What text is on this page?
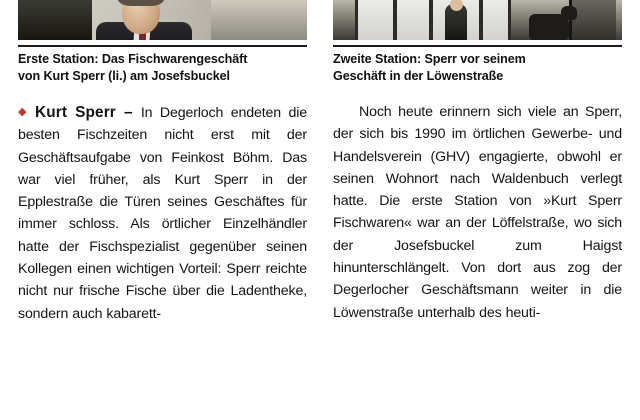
Erste Station: Das Fischwarengeschäft
von Kurt Sperr (li.) am Josefsbuckel

◆ Kurt Sperr – In Degerloch endeten die besten Fischzeiten nicht erst mit der Geschäftsaufgabe von Feinkost Böhm. Das war viel früher, als Kurt Sperr in der Epplestraße die Türen seines Geschäftes für immer schloss. Als örtlicher Einzelhändler hatte der Fischspezialist gegenüber seinen Kollegen einen wichtigen Vorteil: Sperr reichte nicht nur frische Fische über die Ladentheke, sondern auch kabarett-

Zweite Station: Sperr vor seinem
Geschäft in der Löwenstraße

Noch heute erinnern sich viele an Sperr, der sich bis 1990 im örtlichen Gewerbe- und Handelsverein (GHV) engagierte, obwohl er seinen Wohnort nach Waldenbuch verlegt hatte. Die erste Station von »Kurt Sperr Fischwaren« war an der Löffelstraße, wo sich der Josefsbuckel zum Haigst hinunterschlängelt. Von dort aus zog der Degerlocher Geschäftsmann weiter in die Löwenstraße unterhalb des heuti-
